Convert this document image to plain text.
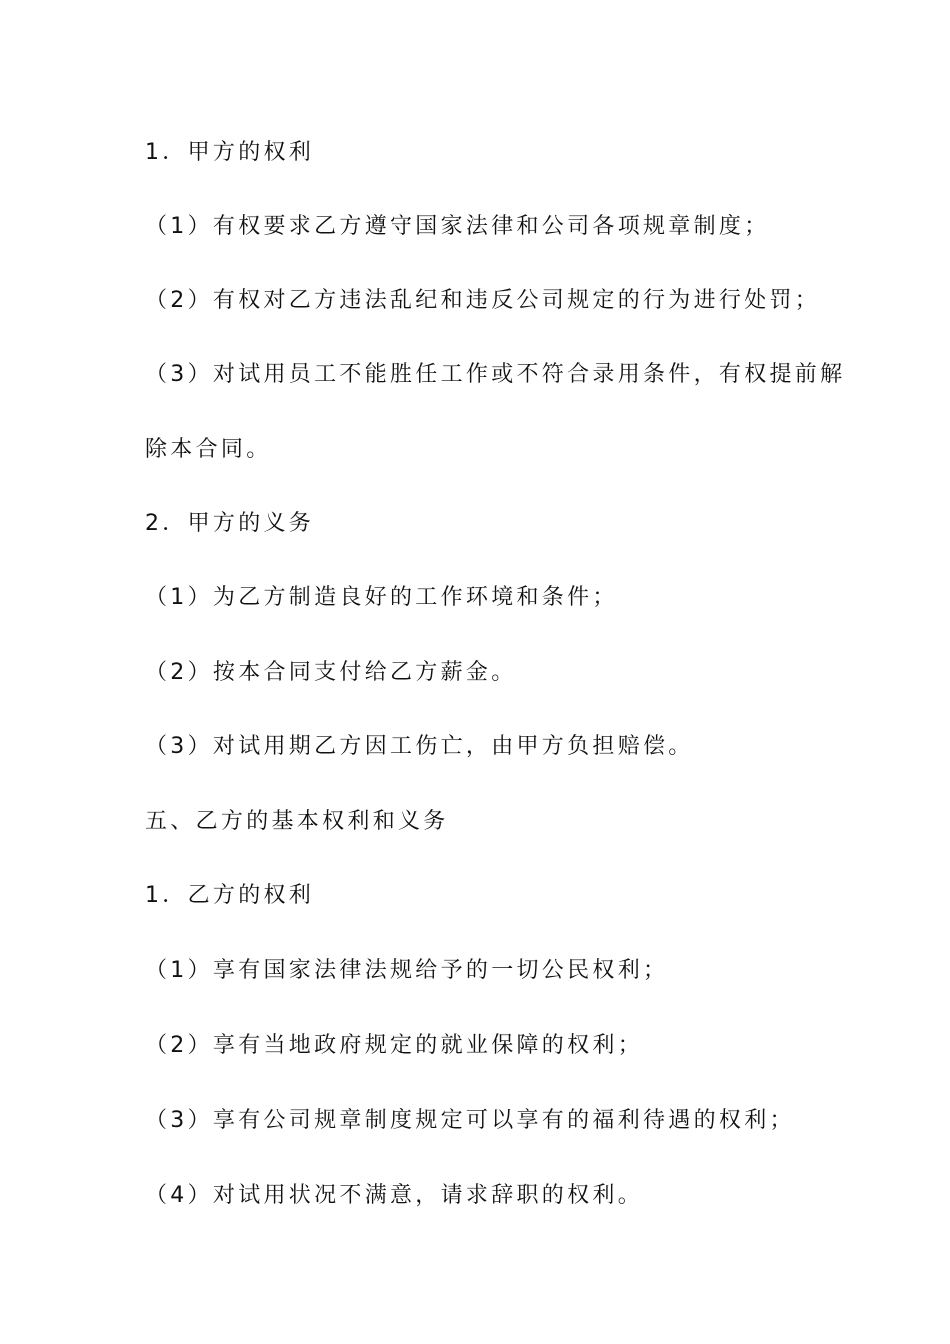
1．甲方的权利
（1）有权要求乙方遵守国家法律和公司各项规章制度；
（2）有权对乙方违法乱纪和违反公司规定的行为进行处罚；
（3）对试用员工不能胜任工作或不符合录用条件，有权提前解
除本合同。
2．甲方的义务
（1）为乙方制造良好的工作环境和条件；
（2）按本合同支付给乙方薪金。
（3）对试用期乙方因工伤亡，由甲方负担赔偿。
五、乙方的基本权利和义务
1．乙方的权利
（1）享有国家法律法规给予的一切公民权利；
（2）享有当地政府规定的就业保障的权利；
（3）享有公司规章制度规定可以享有的福利待遇的权利；
（4）对试用状况不满意，请求辞职的权利。
